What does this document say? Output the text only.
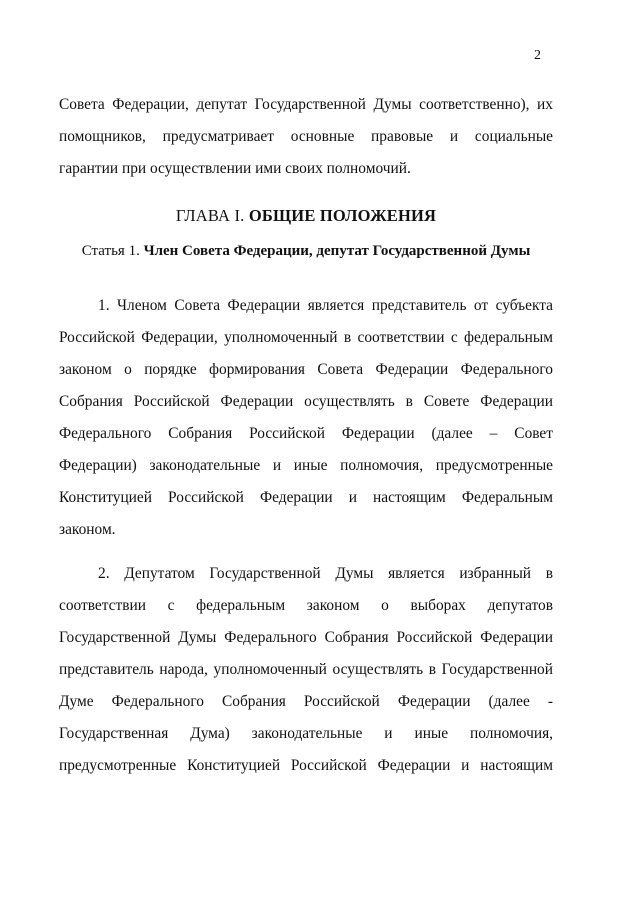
2
Совета Федерации, депутат Государственной Думы соответственно), их
помощников, предусматривает основные правовые и социальные
гарантии при осуществлении ими своих полномочий.
ГЛАВА I. ОБЩИЕ ПОЛОЖЕНИЯ
Статья 1. Член Совета Федерации, депутат Государственной Думы
1. Членом Совета Федерации является представитель от субъекта
Российской Федерации, уполномоченный в соответствии с федеральным
законом о порядке формирования Совета Федерации Федерального
Собрания Российской Федерации осуществлять в Совете Федерации
Федерального Собрания Российской Федерации (далее – Совет
Федерации) законодательные и иные полномочия, предусмотренные
Конституцией Российской Федерации и настоящим Федеральным
законом.
2. Депутатом Государственной Думы является избранный в
соответствии с федеральным законом о выборах депутатов
Государственной Думы Федерального Собрания Российской Федерации
представитель народа, уполномоченный осуществлять в Государственной
Думе Федерального Собрания Российской Федерации (далее -
Государственная Дума) законодательные и иные полномочия,
предусмотренные Конституцией Российской Федерации и настоящим
